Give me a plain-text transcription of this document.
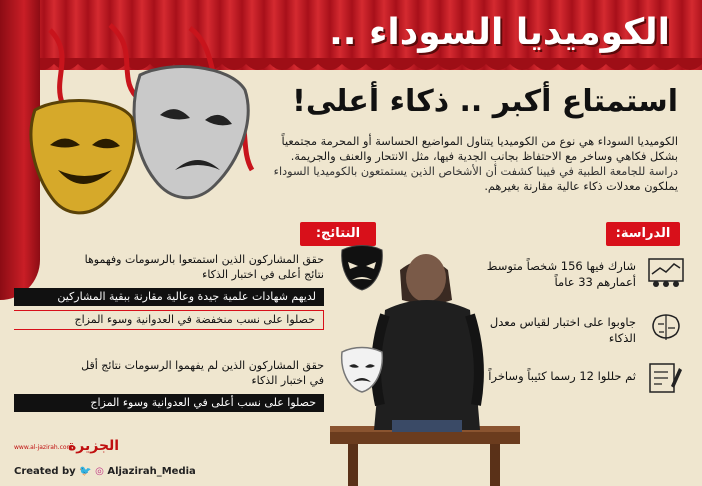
الكوميديا السوداء ..
استمتاع أكبر .. ذكاء أعلى!

الكوميديا السوداء هي نوع من الكوميديا يتناول المواضيع الحساسة أو المحرمة مجتمعياً

بشكل فكاهي وساخر مع الاحتفاظ بجانب الجدية فيها، مثل الانتحار والعنف والجريمة.

دراسة للجامعة الطبية في فيينا كشفت أن الأشخاص الذين يستمتعون بالكوميديا السوداء

يملكون معدلات ذكاء عالية مقارنة بغيرهم.

النتائج:
حقق المشاركون الذين استمتعوا بالرسومات وفهموها نتائج أعلى في اختبار الذكاء
لديهم شهادات علمية جيدة وعالية مقارنة ببقية المشاركين
حصلوا على نسب منخفضة في العدوانية وسوء المزاج
حقق المشاركون الذين لم يفهموا الرسومات نتائج أقل في اختبار الذكاء
حصلوا على نسب أعلى في العدوانية وسوء المزاج
الدراسة:
شارك فيها 156 شخصاً متوسط أعمارهم 33 عاماً
جاوبوا على اختبار لقياس معدل الذكاء
ثم حللوا 12 رسما كئيباً وساخراً
الجزيرة
www.al-jazirah.com
Created by 🐦 ◎ Aljazirah_Media
